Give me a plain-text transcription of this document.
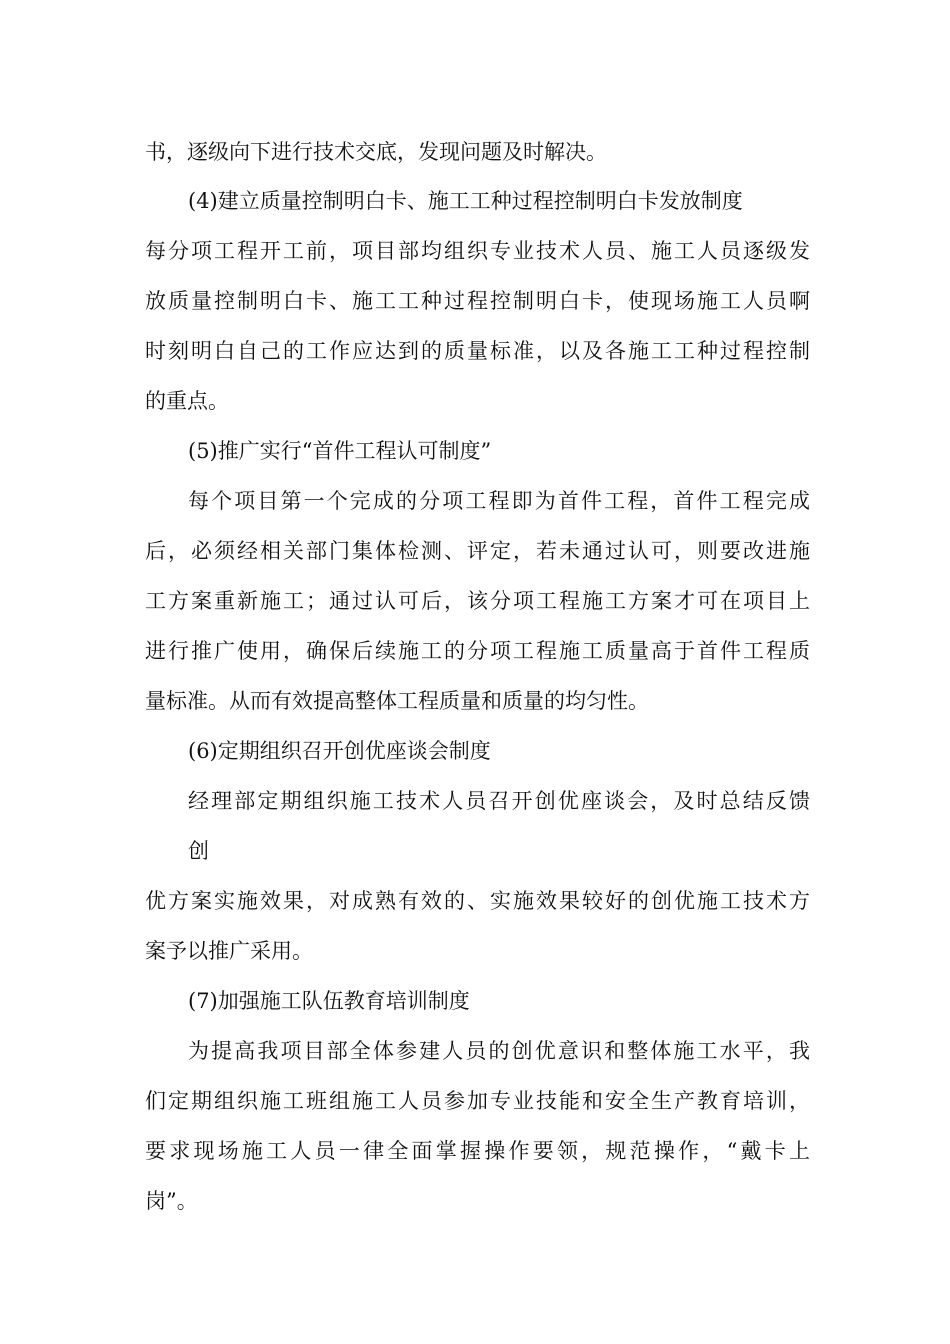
书，逐级向下进行技术交底，发现问题及时解决。
(4)建立质量控制明白卡、施工工种过程控制明白卡发放制度
每分项工程开工前，项目部均组织专业技术人员、施工人员逐级发
放质量控制明白卡、施工工种过程控制明白卡，使现场施工人员啊
时刻明白自己的工作应达到的质量标准，以及各施工工种过程控制
的重点。
(5)推广实行“首件工程认可制度”
每个项目第一个完成的分项工程即为首件工程，首件工程完成
后，必须经相关部门集体检测、评定，若未通过认可，则要改进施
工方案重新施工；通过认可后，该分项工程施工方案才可在项目上
进行推广使用，确保后续施工的分项工程施工质量高于首件工程质
量标准。从而有效提高整体工程质量和质量的均匀性。
(6)定期组织召开创优座谈会制度
经理部定期组织施工技术人员召开创优座谈会，及时总结反馈
创
优方案实施效果，对成熟有效的、实施效果较好的创优施工技术方
案予以推广采用。
(7)加强施工队伍教育培训制度
为提高我项目部全体参建人员的创优意识和整体施工水平，我
们定期组织施工班组施工人员参加专业技能和安全生产教育培训，
要求现场施工人员一律全面掌握操作要领，规范操作，“戴卡上
岗”。
